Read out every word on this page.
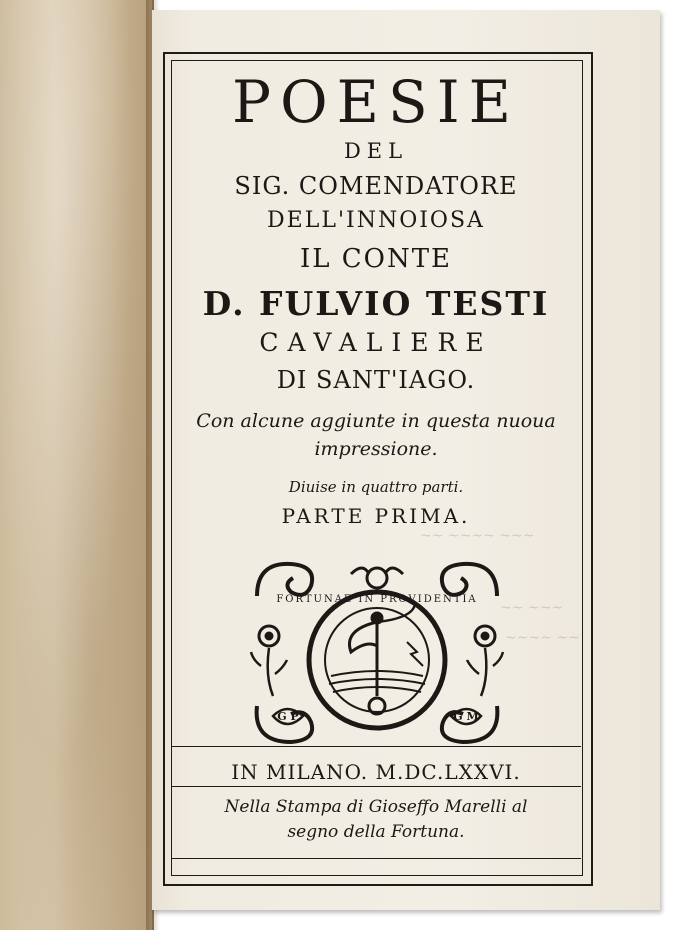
~~ ~~~~ ~~~
~~ ~~~
~~~~ ~~
POESIE
DEL
SIG. COMENDATORE
DELL'INNOIOSA
IL CONTE
D. FULVIO TESTI
CAVALIERE
DI SANT'IAGO.
Con alcune aggiunte in questa nuoua
impressione.
Diuise in quattro parti.
PARTE PRIMA.
FORTUNAE IN PROVIDENTIA
G P	G M
IN MILANO. M.DC.LXXVI.
Nella Stampa di Gioseffo Marelli al
segno della Fortuna.
